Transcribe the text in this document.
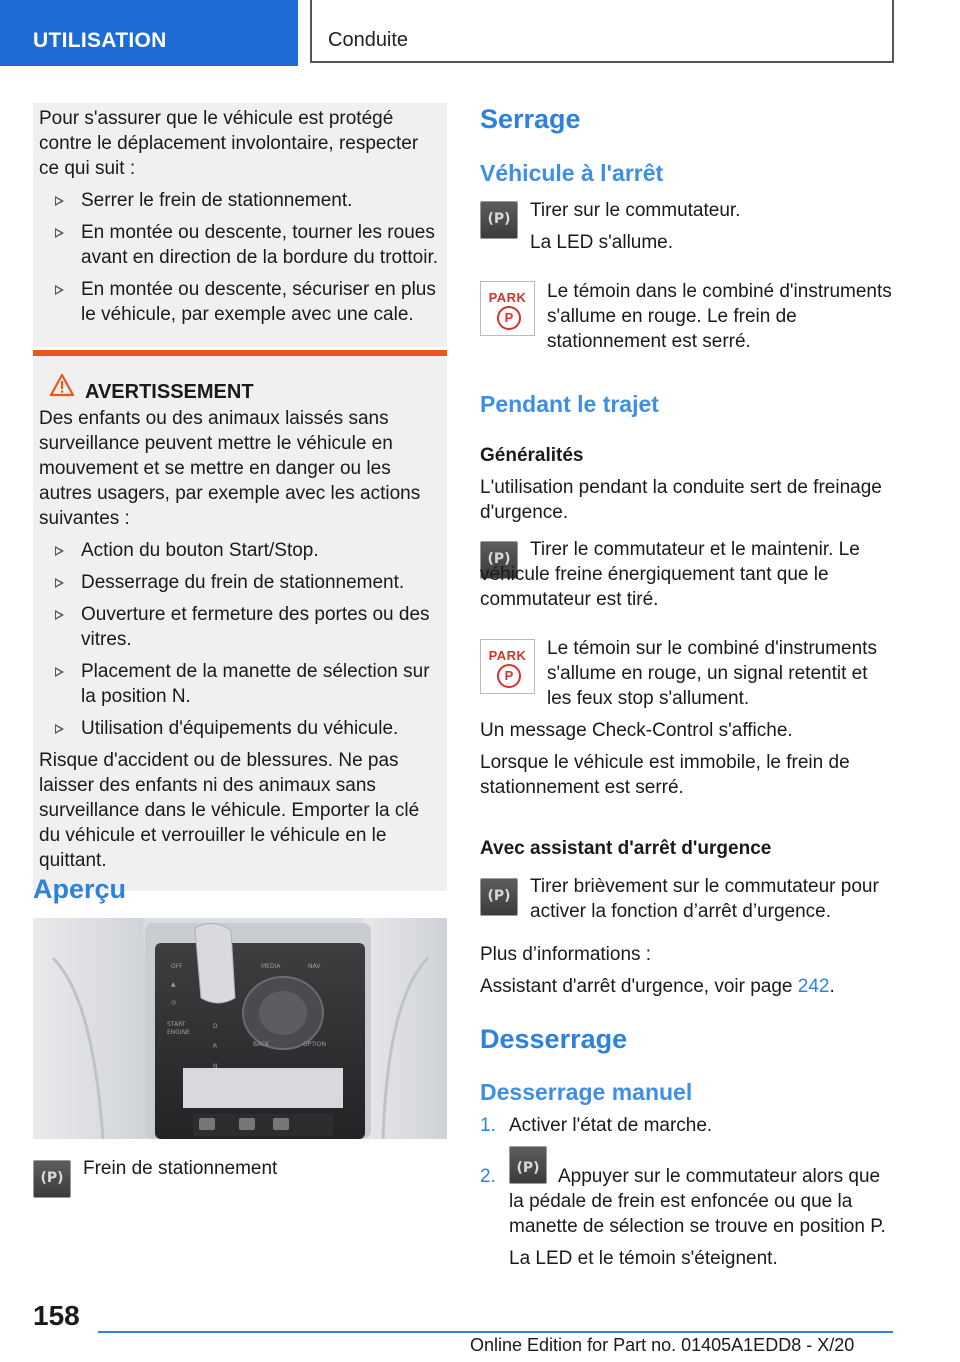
UTILISATION	Conduite

Pour s'assurer que le véhicule est protégé contre le déplacement involontaire, respecter ce qui suit :

Serrer le frein de stationnement.
En montée ou descente, tourner les roues avant en direction de la bordure du trottoir.
En montée ou descente, sécuriser en plus le véhicule, par exemple avec une cale.
AVERTISSEMENT

Des enfants ou des animaux laissés sans surveillance peuvent mettre le véhicule en mouvement et se mettre en danger ou les autres usagers, par exemple avec les actions suivantes :

Action du bouton Start/Stop.
Desserrage du frein de stationnement.
Ouverture et fermeture des portes ou des vitres.
Placement de la manette de sélection sur la position N.
Utilisation d'équipements du véhicule.

Risque d'accident ou de blessures. Ne pas laisser des enfants ni des animaux sans surveillance dans le véhicule. Emporter la clé du véhicule et verrouiller le véhicule en le quittant.

Aperçu
OFF
▲
◎
START
ENGINE
MEDIA	NAV
BACK	OPTION
D
R
N
(P)
Frein de stationnement
Serrage
Véhicule à l'arrêt
(P)

Tirer sur le commutateur.

La LED s'allume.

PARK
P

Le témoin dans le combiné d'instruments s'allume en rouge. Le frein de stationnement est serré.

Pendant le trajet
Généralités

L'utilisation pendant la conduite sert de freinage d'urgence.

(P)

Tirer le commutateur et le maintenir. Le véhicule freine énergiquement tant que le commutateur est tiré.

PARK
P

Le témoin sur le combiné d'instruments s'allume en rouge, un signal retentit et les feux stop s'allument.

Un message Check-Control s'affiche.

Lorsque le véhicule est immobile, le frein de stationnement est serré.

Avec assistant d'arrêt d'urgence
(P)

Tirer brièvement sur le commutateur pour activer la fonction d’arrêt d’urgence.

Plus d’informations :

Assistant d'arrêt d'urgence, voir page 242.

Desserrage
Desserrage manuel
1. Activer l'état de marche.
2.
(P)	Appuyer sur le commutateur alors que la pédale de frein est enfoncée ou que la manette de sélection se trouve en position P.

La LED et le témoin s'éteignent.

158
Online Edition for Part no. 01405A1EDD8 - X/20
